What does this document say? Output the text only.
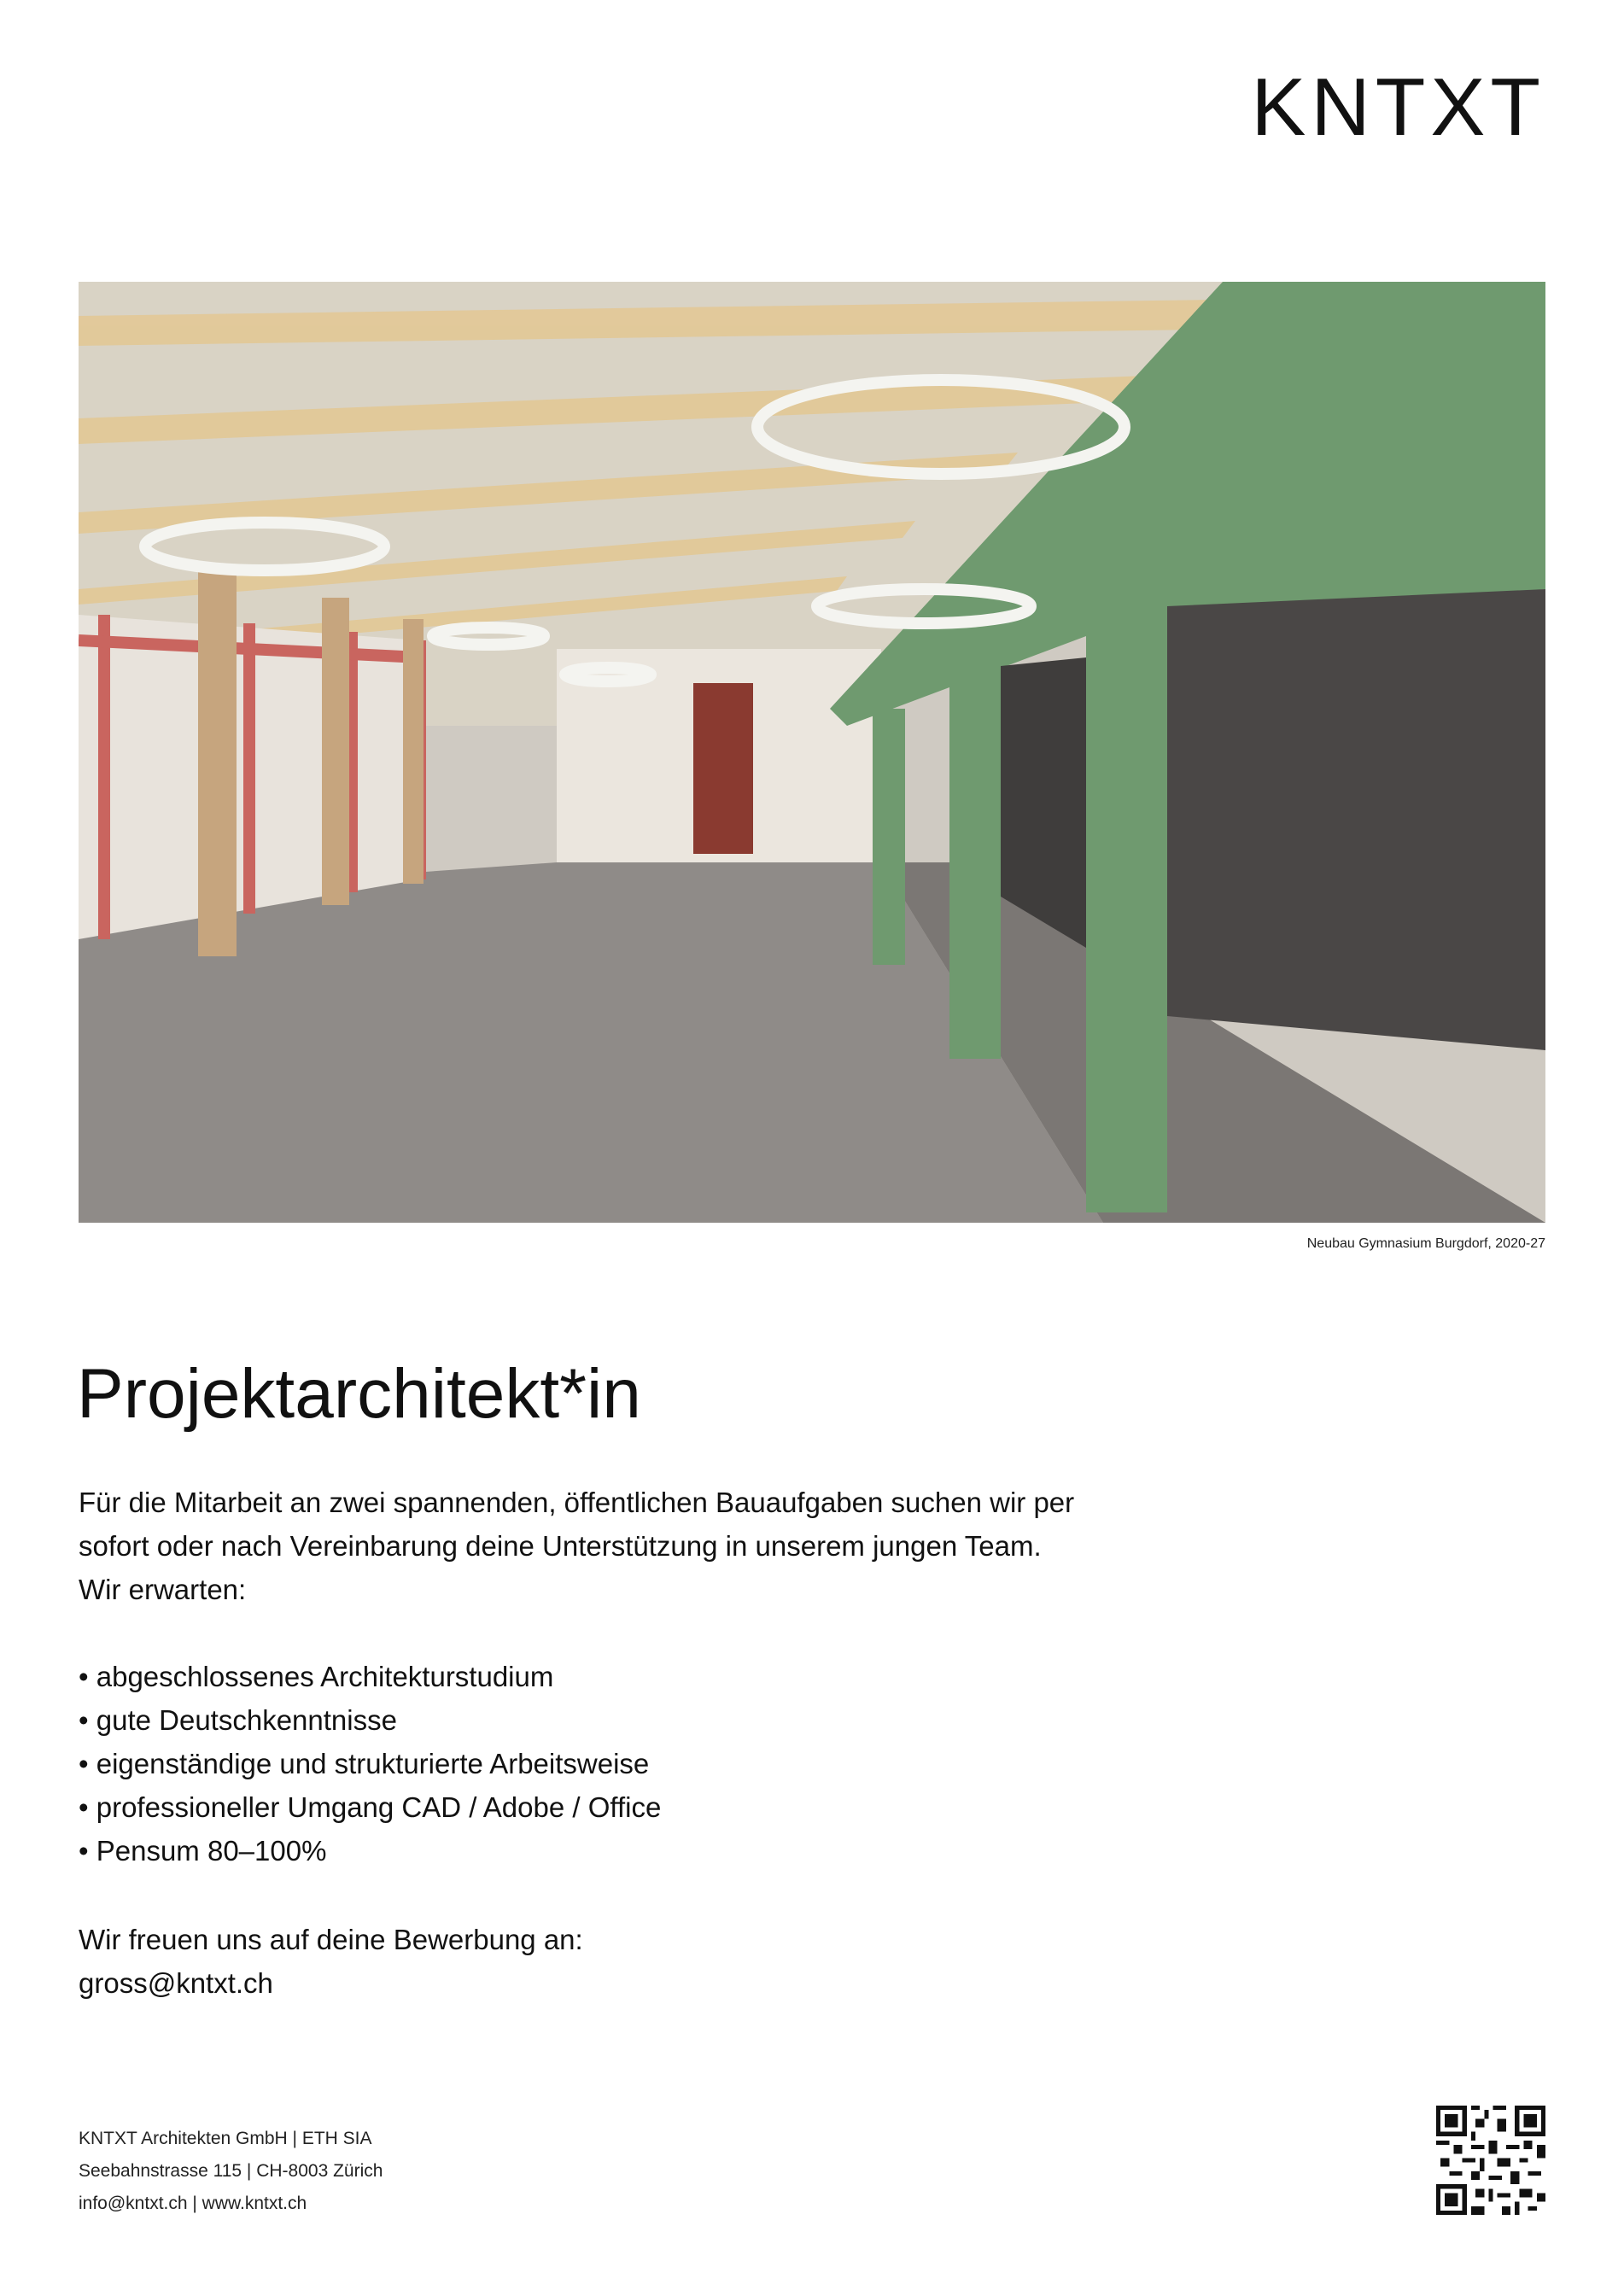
KNTXT
Neubau Gymnasium Burgdorf, 2020-27
Projektarchitekt*in
Für die Mitarbeit an zwei spannenden, öffentlichen Bauaufgaben suchen wir per
sofort oder nach Vereinbarung deine Unterstützung in unserem jungen Team.
Wir erwarten:
• abgeschlossenes Architekturstudium
• gute Deutschkenntnisse
• eigenständige und strukturierte Arbeitsweise
• professioneller Umgang CAD / Adobe / Office
• Pensum 80–100%
Wir freuen uns auf deine Bewerbung an:
gross@kntxt.ch
KNTXT Architekten GmbH | ETH SIA
Seebahnstrasse 115 | CH-8003 Zürich
info@kntxt.ch | www.kntxt.ch
